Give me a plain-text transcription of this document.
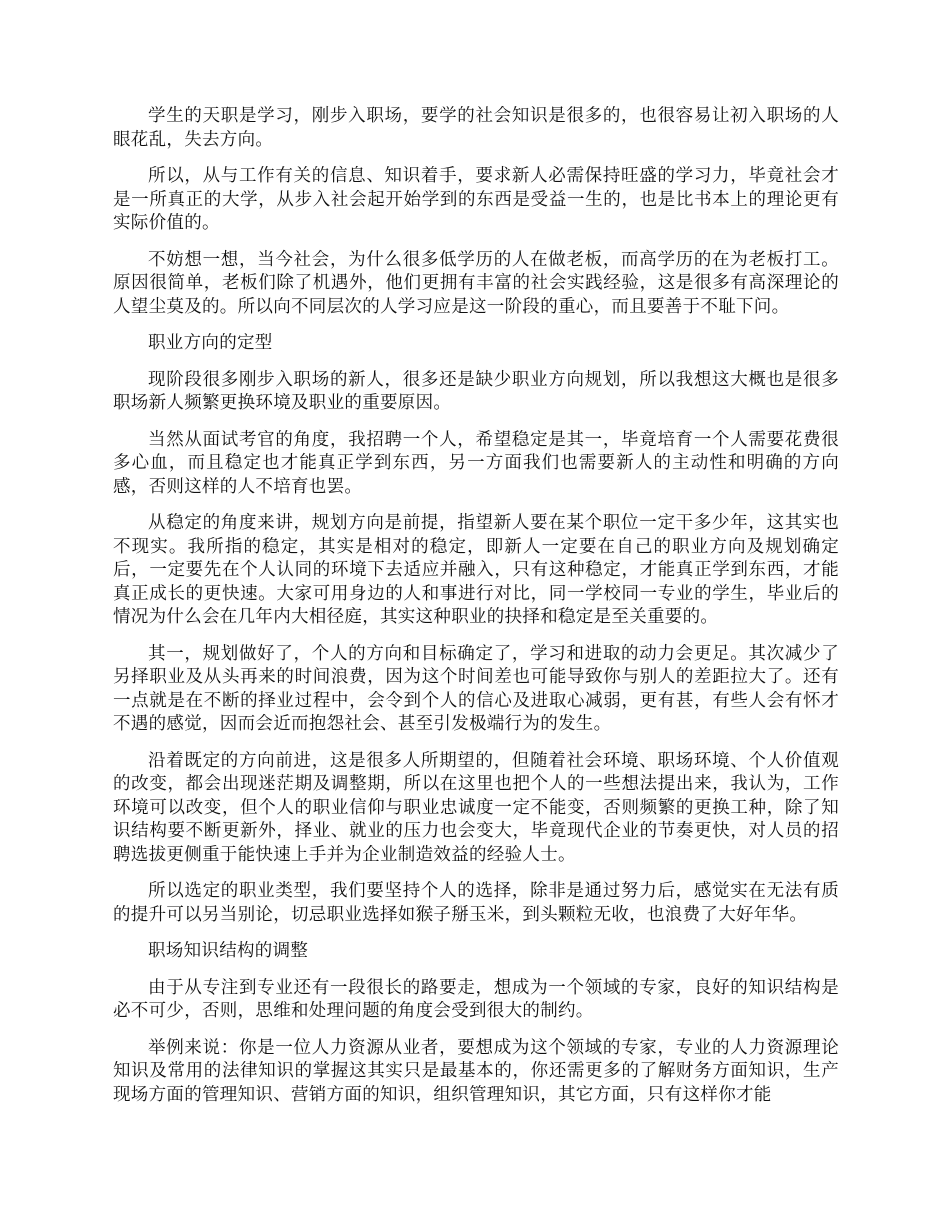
学生的天职是学习，刚步入职场，要学的社会知识是很多的，也很容易让初入职场的人眼花乱，失去方向。

所以，从与工作有关的信息、知识着手，要求新人必需保持旺盛的学习力，毕竟社会才是一所真正的大学，从步入社会起开始学到的东西是受益一生的，也是比书本上的理论更有实际价值的。

不妨想一想，当今社会，为什么很多低学历的人在做老板，而高学历的在为老板打工。原因很简单，老板们除了机遇外，他们更拥有丰富的社会实践经验，这是很多有高深理论的人望尘莫及的。所以向不同层次的人学习应是这一阶段的重心，而且要善于不耻下问。

职业方向的定型

现阶段很多刚步入职场的新人，很多还是缺少职业方向规划，所以我想这大概也是很多职场新人频繁更换环境及职业的重要原因。

当然从面试考官的角度，我招聘一个人，希望稳定是其一，毕竟培育一个人需要花费很多心血，而且稳定也才能真正学到东西，另一方面我们也需要新人的主动性和明确的方向感，否则这样的人不培育也罢。

从稳定的角度来讲，规划方向是前提，指望新人要在某个职位一定干多少年，这其实也不现实。我所指的稳定，其实是相对的稳定，即新人一定要在自己的职业方向及规划确定后，一定要先在个人认同的环境下去适应并融入，只有这种稳定，才能真正学到东西，才能真正成长的更快速。大家可用身边的人和事进行对比，同一学校同一专业的学生，毕业后的情况为什么会在几年内大相径庭，其实这种职业的抉择和稳定是至关重要的。

其一，规划做好了，个人的方向和目标确定了，学习和进取的动力会更足。其次减少了另择职业及从头再来的时间浪费，因为这个时间差也可能导致你与别人的差距拉大了。还有一点就是在不断的择业过程中，会令到个人的信心及进取心减弱，更有甚，有些人会有怀才不遇的感觉，因而会近而抱怨社会、甚至引发极端行为的发生。

沿着既定的方向前进，这是很多人所期望的，但随着社会环境、职场环境、个人价值观的改变，都会出现迷茫期及调整期，所以在这里也把个人的一些想法提出来，我认为，工作环境可以改变，但个人的职业信仰与职业忠诚度一定不能变，否则频繁的更换工种，除了知识结构要不断更新外，择业、就业的压力也会变大，毕竟现代企业的节奏更快，对人员的招聘选拔更侧重于能快速上手并为企业制造效益的经验人士。

所以选定的职业类型，我们要坚持个人的选择，除非是通过努力后，感觉实在无法有质的提升可以另当别论，切忌职业选择如猴子掰玉米，到头颗粒无收，也浪费了大好年华。

职场知识结构的调整

由于从专注到专业还有一段很长的路要走，想成为一个领域的专家，良好的知识结构是必不可少，否则，思维和处理问题的角度会受到很大的制约。

举例来说：你是一位人力资源从业者，要想成为这个领域的专家，专业的人力资源理论知识及常用的法律知识的掌握这其实只是最基本的，你还需更多的了解财务方面知识，生产现场方面的管理知识、营销方面的知识，组织管理知识，其它方面，只有这样你才能
